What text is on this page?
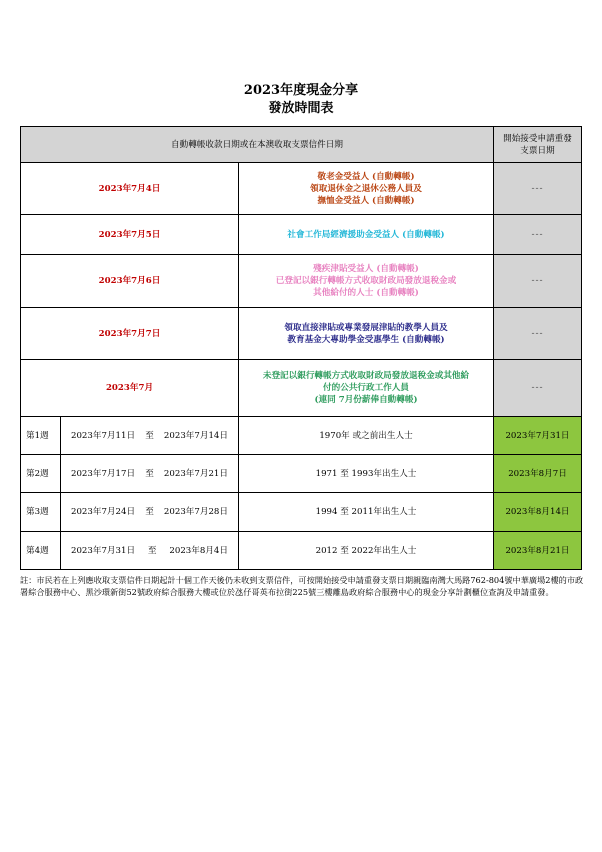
2023年度現金分享
發放時間表
自動轉帳收款日期或在本澳收取支票信件日期			開始接受申請重發
支票日期

2023年7月4日		敬老金受益人 (自動轉帳)
領取退休金之退休公務人員及
撫恤金受益人 (自動轉帳)	---
2023年7月5日		社會工作局經濟援助金受益人 (自動轉帳)	---
2023年7月6日		殘疾津貼受益人 (自動轉帳)
已登記以銀行轉帳方式收取財政局發放退稅金或
其他給付的人士 (自動轉帳)	---
2023年7月7日		領取直接津貼或專業發展津貼的教學人員及
教育基金大專助學金受惠學生 (自動轉帳)	---
2023年7月		未登記以銀行轉帳方式收取財政局發放退稅金或其他給
付的公共行政工作人員
(連同 7月份薪俸自動轉帳)	---
第1週	2023年7月11日 至 2023年7月14日	1970年 或之前出生人士	2023年7月31日
第2週	2023年7月17日 至 2023年7月21日	1971 至 1993年出生人士	2023年8月7日
第3週	2023年7月24日 至 2023年7月28日	1994 至 2011年出生人士	2023年8月14日
第4週	2023年7月31日 至 2023年8月4日	2012 至 2022年出生人士	2023年8月21日
註：市民若在上列應收取支票信件日期起計十個工作天後仍未收到支票信件，可按開始接受申請重發支票日期親臨南灣大馬路762-804號中華廣場2樓的市政署綜合服務中心、黑沙環新街52號政府綜合服務大樓或位於氹仔哥英布拉街225號三樓離島政府綜合服務中心的現金分享計劃櫃位查詢及申請重發。
